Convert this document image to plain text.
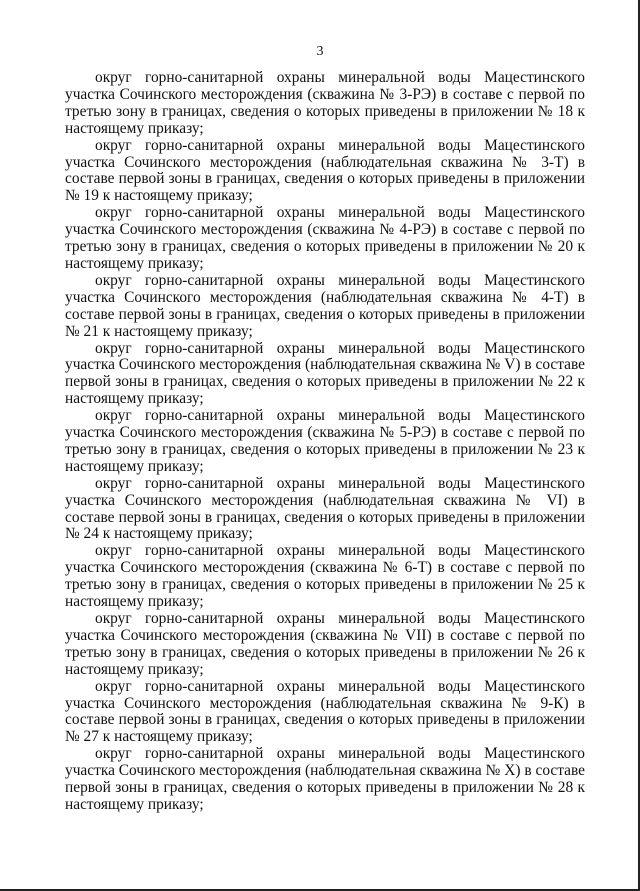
3

округ горно-санитарной охраны минеральной воды Мацестинского участка Сочинского месторождения (скважина № 3-РЭ) в составе с первой по третью зону в границах, сведения о которых приведены в приложении № 18 к настоящему приказу;

округ горно-санитарной охраны минеральной воды Мацестинского участка Сочинского месторождения (наблюдательная скважина № 3-Т) в составе первой зоны в границах, сведения о которых приведены в приложении № 19 к настоящему приказу;

округ горно-санитарной охраны минеральной воды Мацестинского участка Сочинского месторождения (скважина № 4-РЭ) в составе с первой по третью зону в границах, сведения о которых приведены в приложении № 20 к настоящему приказу;

округ горно-санитарной охраны минеральной воды Мацестинского участка Сочинского месторождения (наблюдательная скважина № 4-Т) в составе первой зоны в границах, сведения о которых приведены в приложении № 21 к настоящему приказу;

округ горно-санитарной охраны минеральной воды Мацестинского участка Сочинского месторождения (наблюдательная скважина № V) в составе первой зоны в границах, сведения о которых приведены в приложении № 22 к настоящему приказу;

округ горно-санитарной охраны минеральной воды Мацестинского участка Сочинского месторождения (скважина № 5-РЭ) в составе с первой по третью зону в границах, сведения о которых приведены в приложении № 23 к настоящему приказу;

округ горно-санитарной охраны минеральной воды Мацестинского участка Сочинского месторождения (наблюдательная скважина № VI) в составе первой зоны в границах, сведения о которых приведены в приложении № 24 к настоящему приказу;

округ горно-санитарной охраны минеральной воды Мацестинского участка Сочинского месторождения (скважина № 6-Т) в составе с первой по третью зону в границах, сведения о которых приведены в приложении № 25 к настоящему приказу;

округ горно-санитарной охраны минеральной воды Мацестинского участка Сочинского месторождения (скважина № VII) в составе с первой по третью зону в границах, сведения о которых приведены в приложении № 26 к настоящему приказу;

округ горно-санитарной охраны минеральной воды Мацестинского участка Сочинского месторождения (наблюдательная скважина № 9-К) в составе первой зоны в границах, сведения о которых приведены в приложении № 27 к настоящему приказу;

округ горно-санитарной охраны минеральной воды Мацестинского участка Сочинского месторождения (наблюдательная скважина № X) в составе первой зоны в границах, сведения о которых приведены в приложении № 28 к настоящему приказу;
